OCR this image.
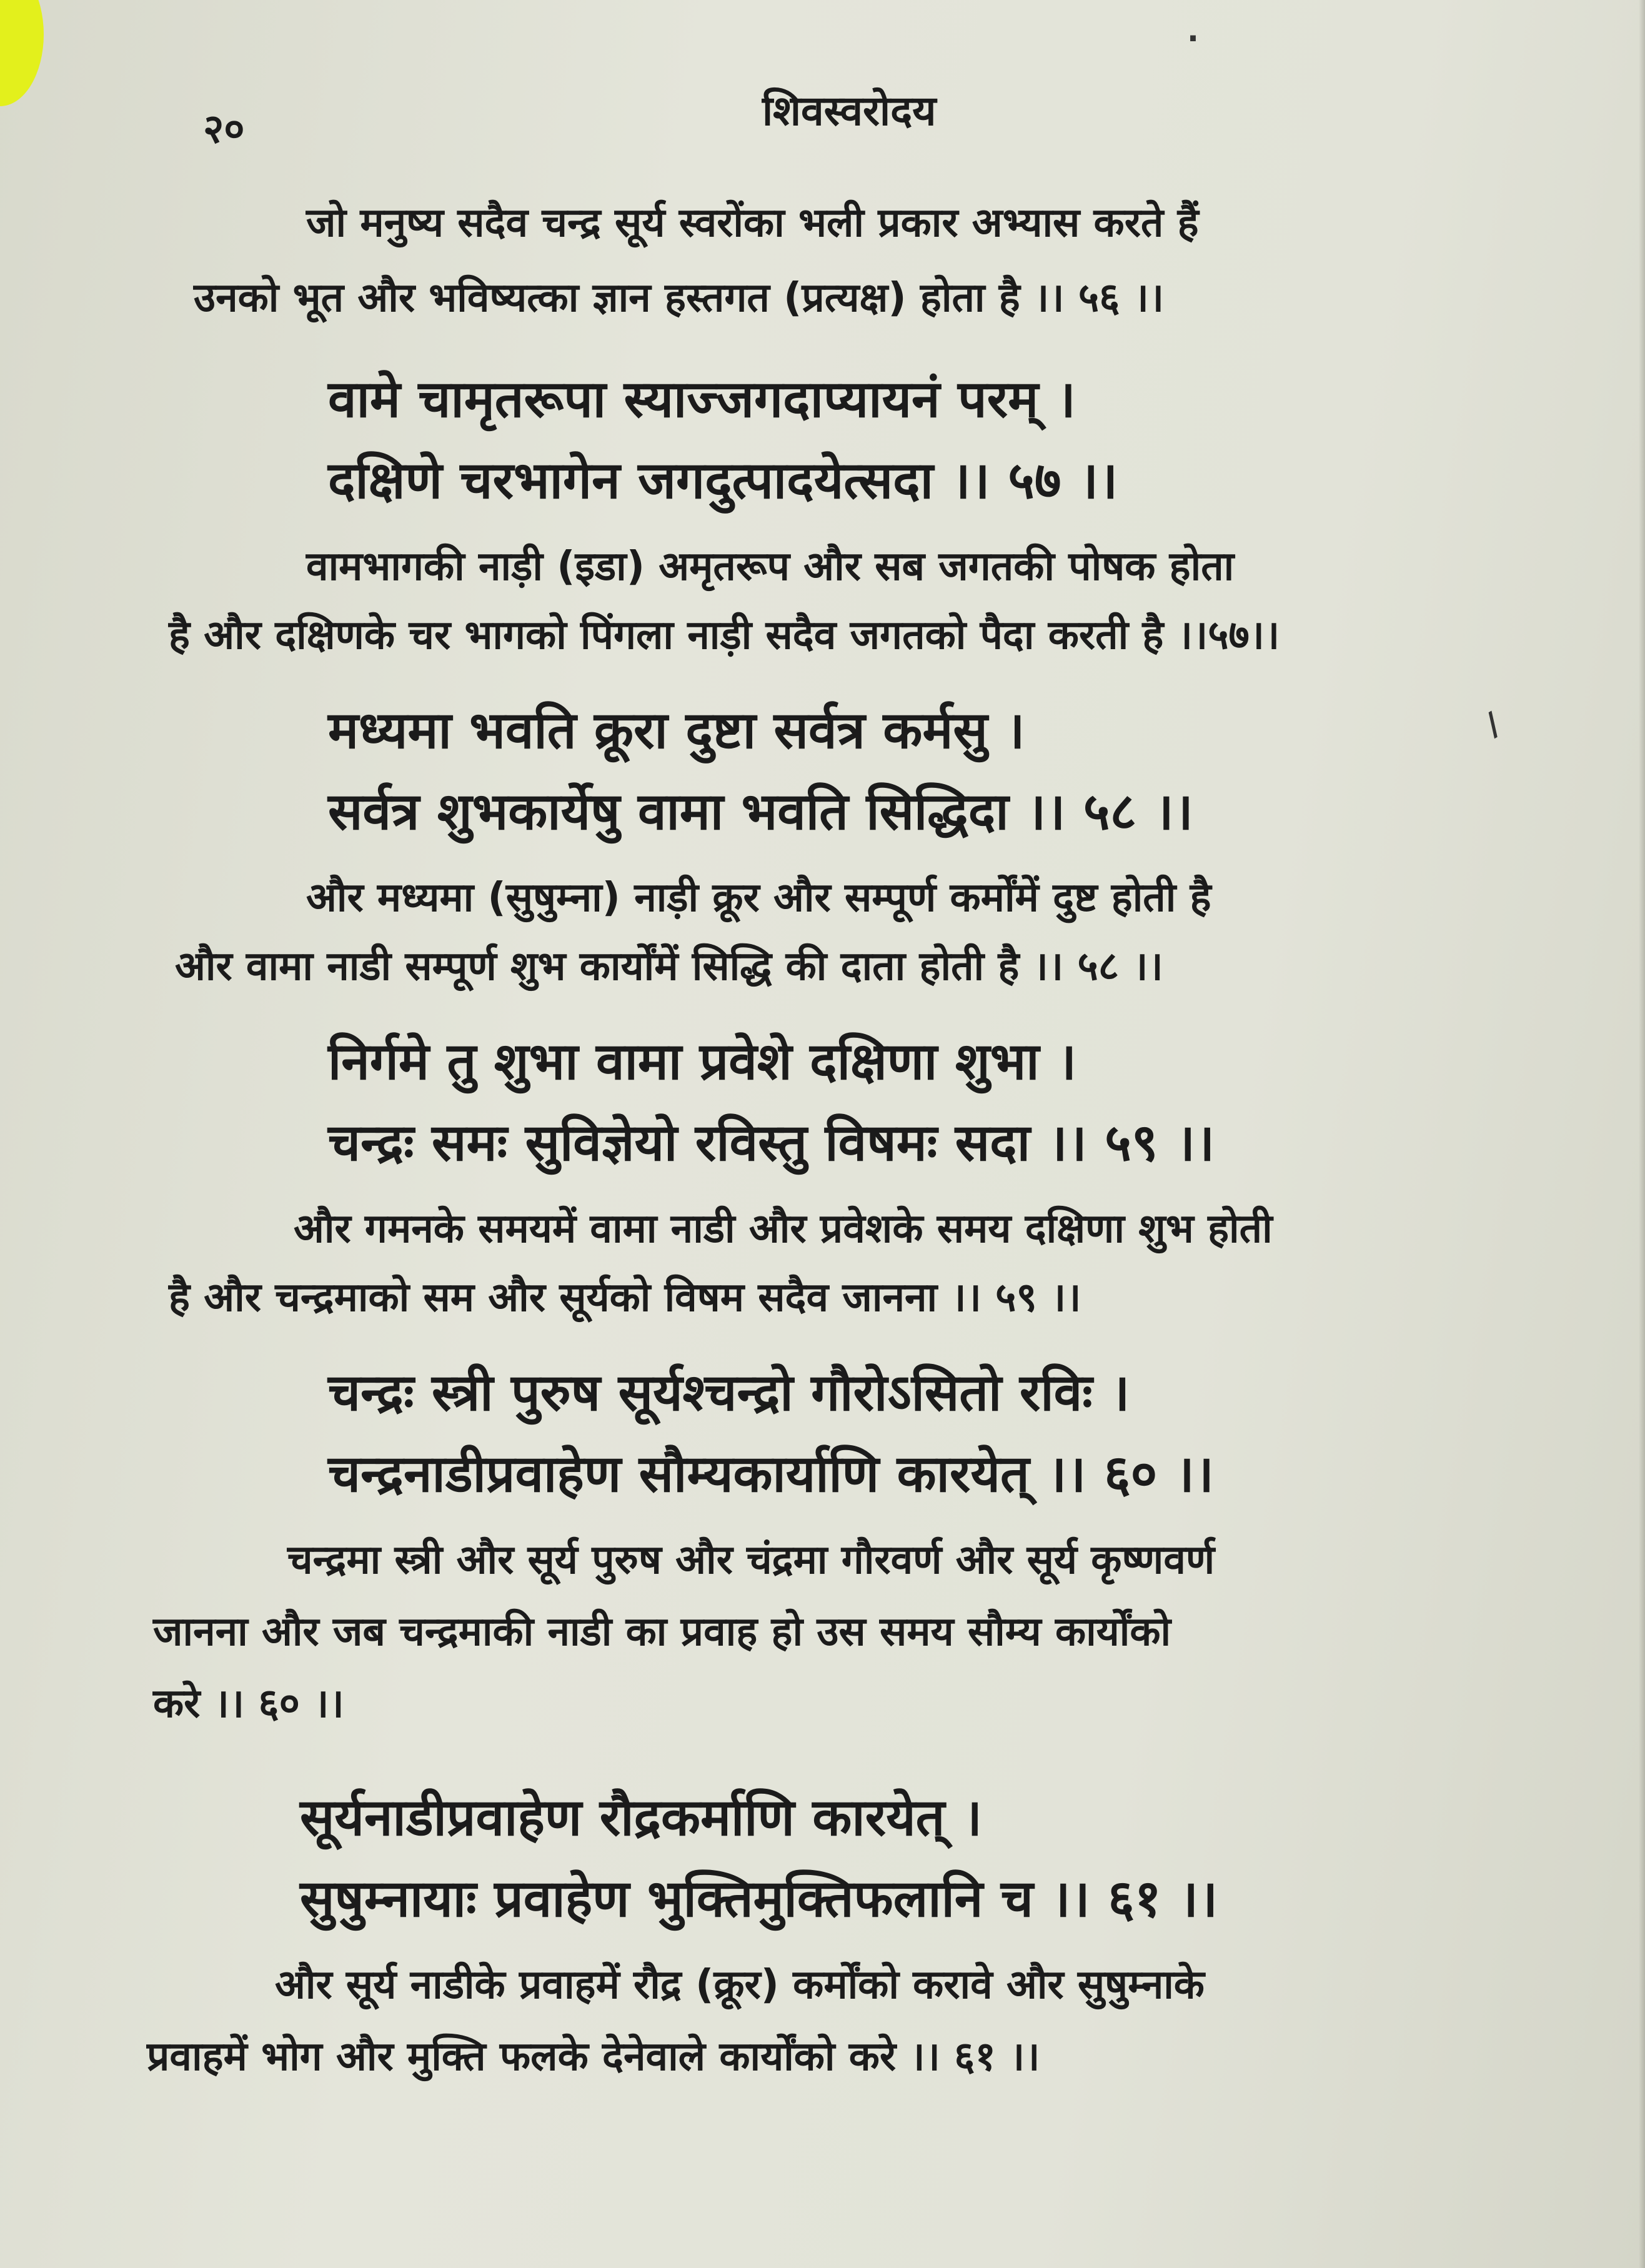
.
/
२०	शिवस्वरोदय
जो मनुष्य सदैव चन्द्र सूर्य स्वरोंका भली प्रकार अभ्यास करते हैं
उनको भूत और भविष्यत्का ज्ञान हस्तगत (प्रत्यक्ष) होता है ।। ५६ ।।
वामे चामृतरूपा स्याज्जगदाप्यायनं परम् ।
दक्षिणे चरभागेन जगदुत्पादयेत्सदा ।। ५७ ।।
वामभागकी नाड़ी (इडा) अमृतरूप और सब जगतकी पोषक होता
है और दक्षिणके चर भागको पिंगला नाड़ी सदैव जगतको पैदा करती है ।।५७।।
मध्यमा भवति क्रूरा दुष्टा सर्वत्र कर्मसु ।
सर्वत्र शुभकार्येषु वामा भवति सिद्धिदा ।। ५८ ।।
और मध्यमा (सुषुम्ना) नाड़ी क्रूर और सम्पूर्ण कर्मोंमें दुष्ट होती है
और वामा नाडी सम्पूर्ण शुभ कार्योंमें सिद्धि की दाता होती है ।। ५८ ।।
निर्गमे तु शुभा वामा प्रवेशे दक्षिणा शुभा ।
चन्द्रः समः सुविज्ञेयो रविस्तु विषमः सदा ।। ५९ ।।
और गमनके समयमें वामा नाडी और प्रवेशके समय दक्षिणा शुभ होती
है और चन्द्रमाको सम और सूर्यको विषम सदैव जानना ।। ५९ ।।
चन्द्रः स्त्री पुरुष सूर्यश्चन्द्रो गौरोऽसितो रविः ।
चन्द्रनाडीप्रवाहेण सौम्यकार्याणि कारयेत् ।। ६० ।।
चन्द्रमा स्त्री और सूर्य पुरुष और चंद्रमा गौरवर्ण और सूर्य कृष्णवर्ण
जानना और जब चन्द्रमाकी नाडी का प्रवाह हो उस समय सौम्य कार्योंको
करे ।। ६० ।।
सूर्यनाडीप्रवाहेण रौद्रकर्माणि कारयेत् ।
सुषुम्नायाः प्रवाहेण भुक्तिमुक्तिफलानि च ।। ६१ ।।
और सूर्य नाडीके प्रवाहमें रौद्र (क्रूर) कर्मोंको करावे और सुषुम्नाके
प्रवाहमें भोग और मुक्ति फलके देनेवाले कार्योंको करे ।। ६१ ।।
